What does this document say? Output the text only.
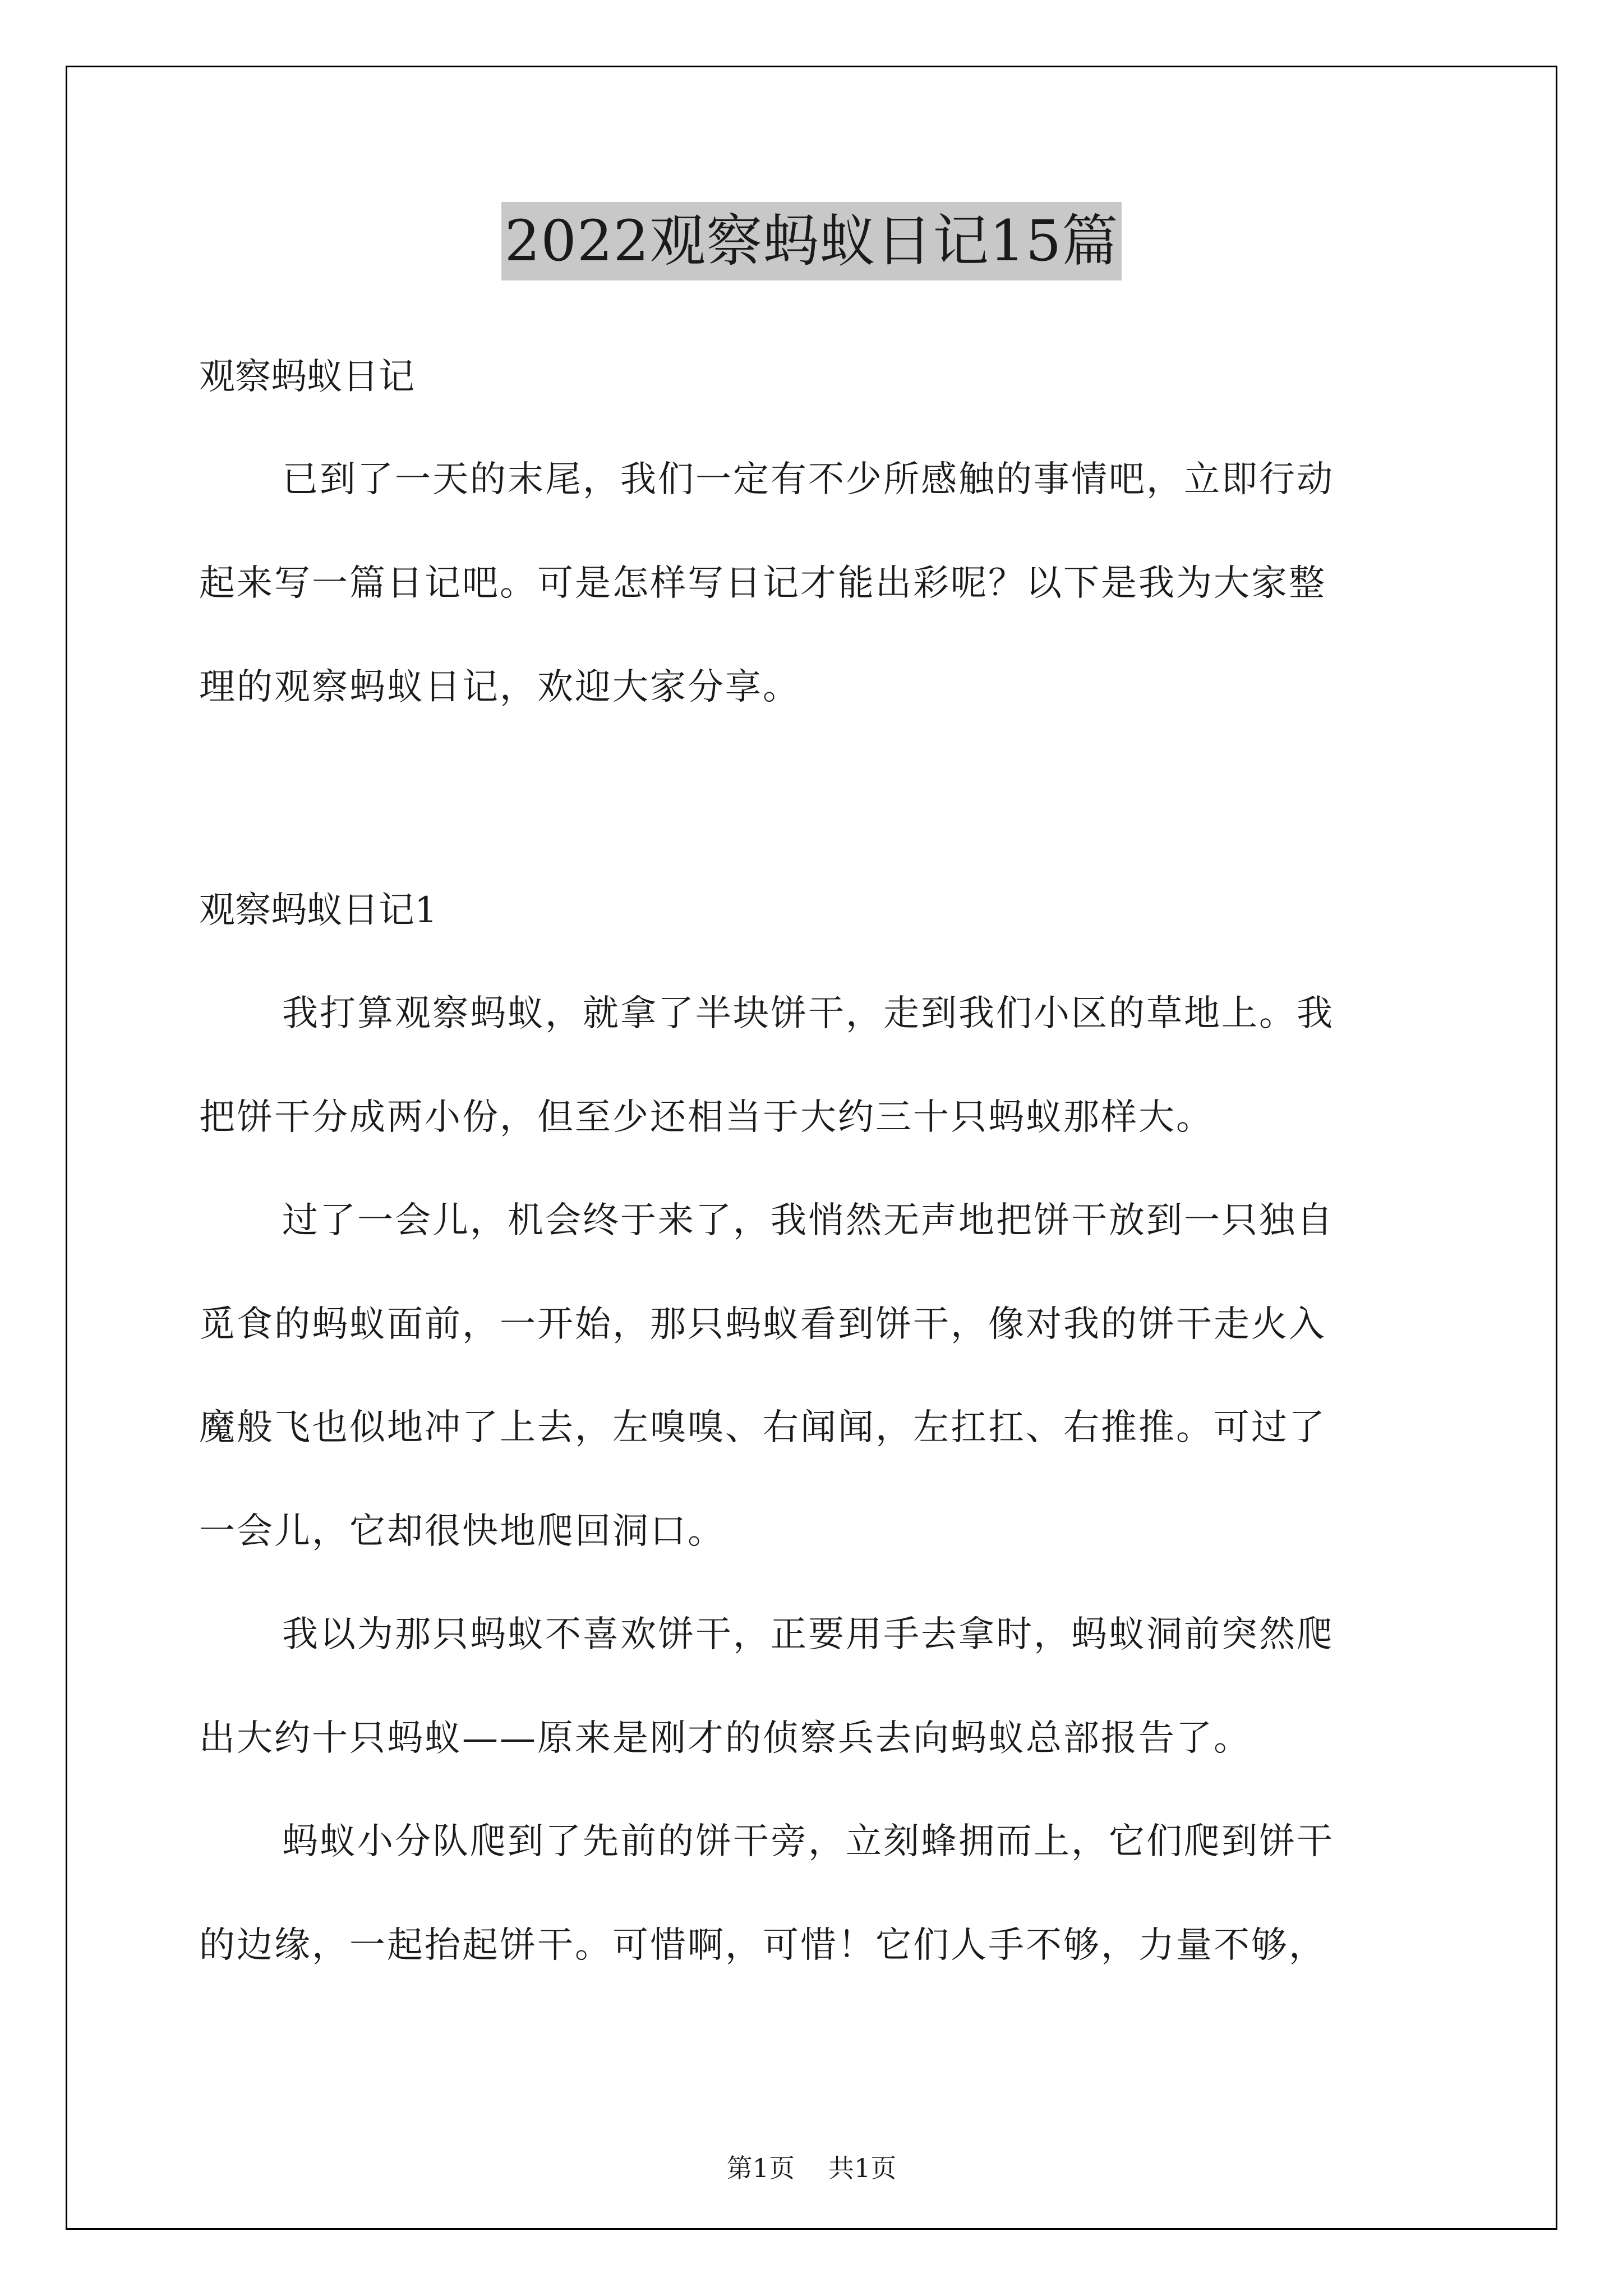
2022观察蚂蚁日记15篇
观察蚂蚁日记
已到了一天的末尾，我们一定有不少所感触的事情吧，立即行动
起来写一篇日记吧。可是怎样写日记才能出彩呢？以下是我为大家整
理的观察蚂蚁日记，欢迎大家分享。
观察蚂蚁日记1
我打算观察蚂蚁，就拿了半块饼干，走到我们小区的草地上。我
把饼干分成两小份，但至少还相当于大约三十只蚂蚁那样大。
过了一会儿，机会终于来了，我悄然无声地把饼干放到一只独自
觅食的蚂蚁面前，一开始，那只蚂蚁看到饼干，像对我的饼干走火入
魔般飞也似地冲了上去，左嗅嗅、右闻闻，左扛扛、右推推。可过了
一会儿，它却很快地爬回洞口。
我以为那只蚂蚁不喜欢饼干，正要用手去拿时，蚂蚁洞前突然爬
出大约十只蚂蚁——原来是刚才的侦察兵去向蚂蚁总部报告了。
蚂蚁小分队爬到了先前的饼干旁，立刻蜂拥而上，它们爬到饼干
的边缘，一起抬起饼干。可惜啊，可惜！它们人手不够，力量不够，
第1页 共1页
